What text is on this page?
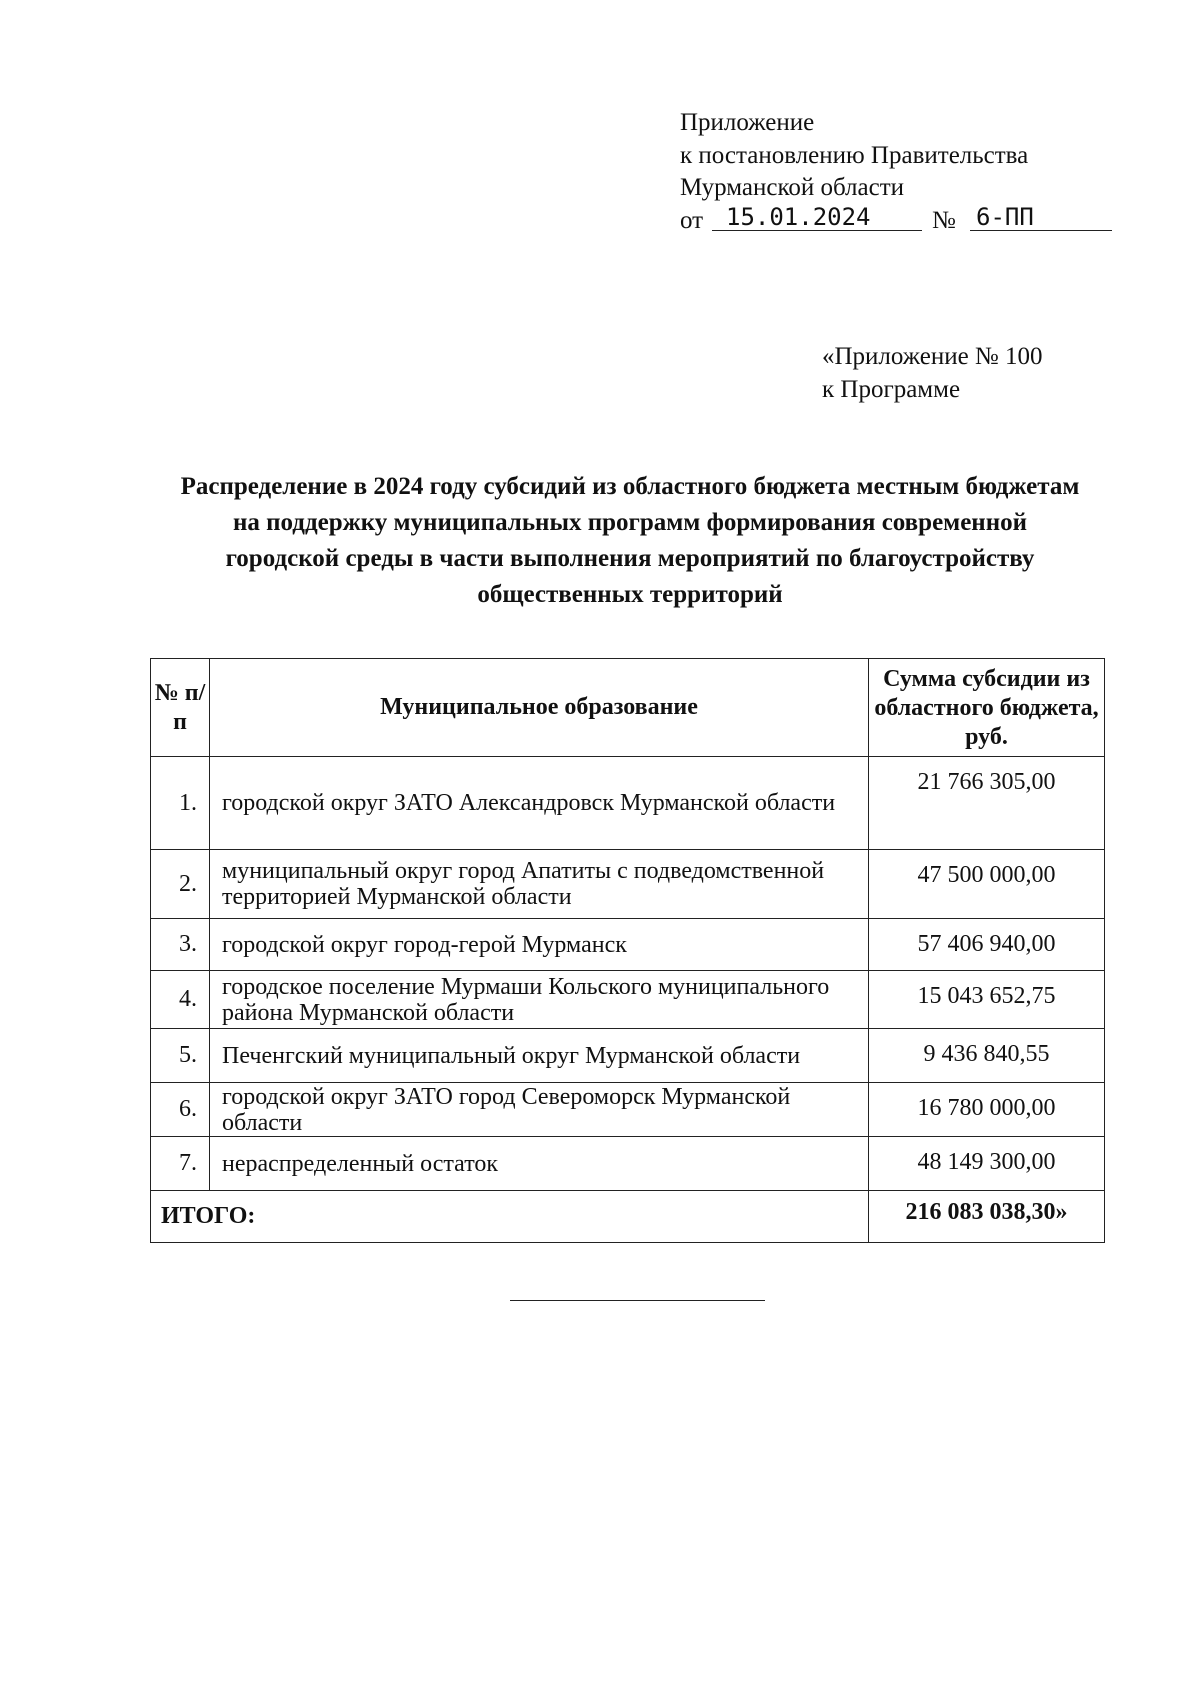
Приложение
к постановлению Правительства
Мурманской области
от 15.01.2024	№ 6-ПП
«Приложение № 100
к Программе
Распределение в 2024 году субсидий из областного бюджета местным бюджетам на поддержку муниципальных программ формирования современной городской среды в части выполнения мероприятий по благоустройству общественных территорий
№ п/п	Муниципальное образование	Сумма субсидии из областного бюджета, руб.
1.	городской округ ЗАТО Александровск Мурманской области	21 766 305,00
2.	муниципальный округ город Апатиты с подведомственной территорией Мурманской области	47 500 000,00
3.	городской округ город-герой Мурманск	57 406 940,00
4.	городское поселение Мурмаши Кольского муниципального района Мурманской области	15 043 652,75
5.	Печенгский муниципальный округ Мурманской области	9 436 840,55
6.	городской округ ЗАТО город Североморск Мурманской области	16 780 000,00
7.	нераспределенный остаток	48 149 300,00
ИТОГО:		216 083 038,30»
